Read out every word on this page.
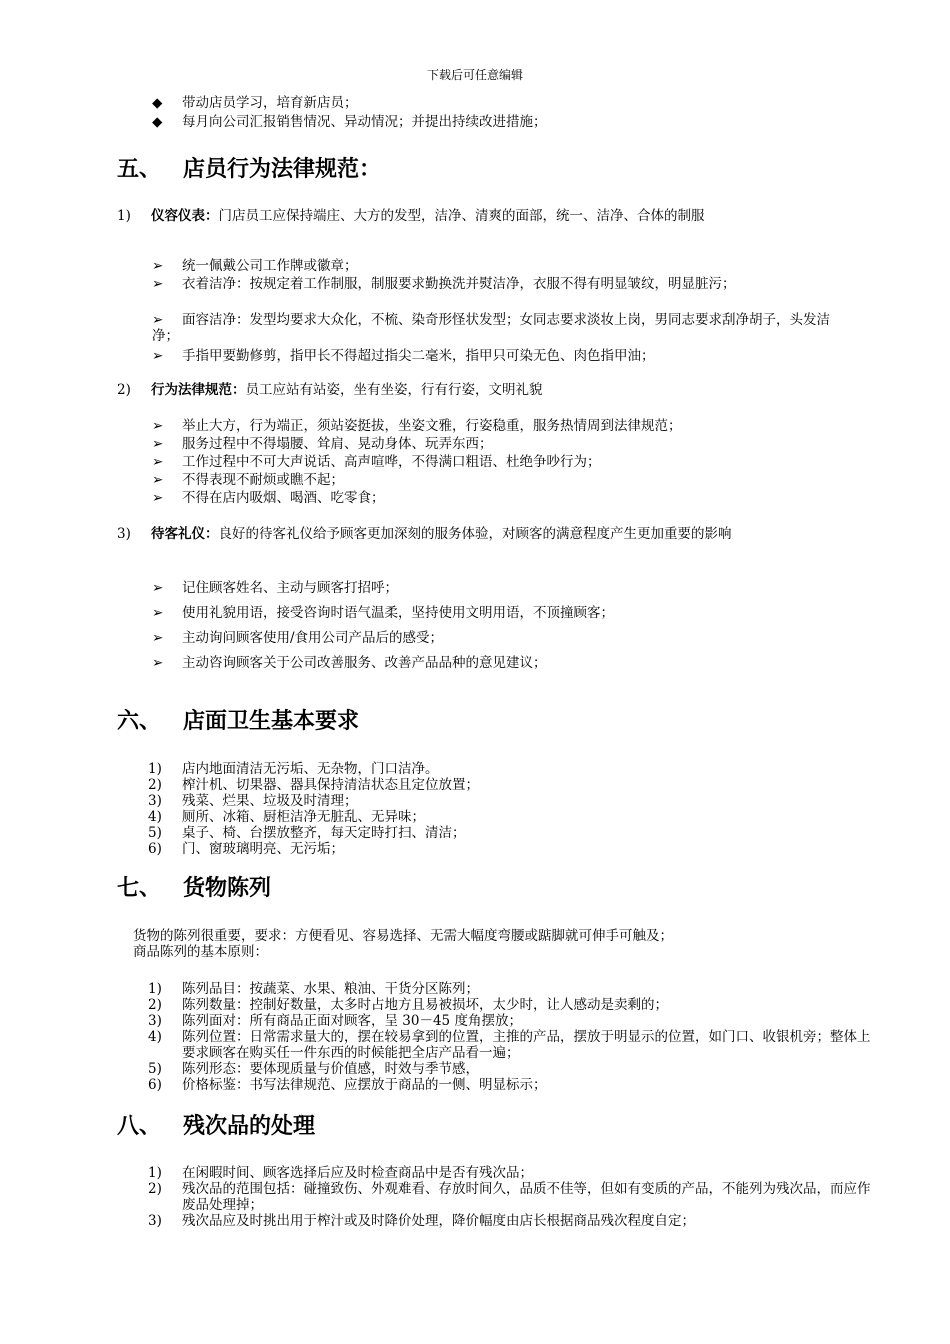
下载后可任意编辑
◆ 带动店员学习，培育新店员；
◆ 每月向公司汇报销售情况、异动情况；并提出持续改进措施；
五、 店员行为法律规范：
1) 仪容仪表：门店员工应保持端庄、大方的发型，洁净、清爽的面部，统一、洁净、合体的制服
➢ 统一佩戴公司工作牌或徽章；
➢ 衣着洁净：按规定着工作制服，制服要求勤换洗并熨洁净，衣服不得有明显皱纹，明显脏污；
➢ 面容洁净：发型均要求大众化，不梳、染奇形怪状发型；女同志要求淡妆上岗，男同志要求刮净胡子，头发洁净；
➢ 手指甲要勤修剪，指甲长不得超过指尖二毫米，指甲只可染无色、肉色指甲油；
2) 行为法律规范：员工应站有站姿，坐有坐姿，行有行姿，文明礼貌
➢ 举止大方，行为端正，须站姿挺拔，坐姿文雅，行姿稳重，服务热情周到法律规范；
➢ 服务过程中不得塌腰、耸肩、晃动身体、玩弄东西；
➢ 工作过程中不可大声说话、高声喧哗，不得满口粗语、杜绝争吵行为；
➢ 不得表现不耐烦或瞧不起；
➢ 不得在店内吸烟、喝酒、吃零食；
3) 待客礼仪：良好的待客礼仪给予顾客更加深刻的服务体验，对顾客的满意程度产生更加重要的影响
➢ 记住顾客姓名、主动与顾客打招呼；
➢ 使用礼貌用语，接受咨询时语气温柔，坚持使用文明用语，不顶撞顾客；
➢ 主动询问顾客使用/食用公司产品后的感受；
➢ 主动咨询顾客关于公司改善服务、改善产品品种的意见建议；
六、 店面卫生基本要求
1) 店内地面清洁无污垢、无杂物，门口洁净。
2) 榨汁机、切果器、器具保持清洁状态且定位放置；
3) 残菜、烂果、垃圾及时清理；
4) 厕所、冰箱、厨柜洁净无脏乱、无异味；
5) 桌子、椅、台摆放整齐，每天定時打扫、清洁；
6) 门、窗玻璃明亮、无污垢；
七、 货物陈列
货物的陈列很重要，要求：方便看见、容易选择、无需大幅度弯腰或踮脚就可伸手可触及；
商品陈列的基本原则：
1) 陈列品目：按蔬菜、水果、粮油、干货分区陈列；
2) 陈列数量：控制好数量，太多时占地方且易被损坏，太少时，让人感动是卖剩的；
3) 陈列面对：所有商品正面对顾客，呈 30－45 度角摆放；
4) 陈列位置：日常需求量大的，摆在较易拿到的位置，主推的产品，摆放于明显示的位置，如门口、收银机旁；整体上要求顾客在购买任一件东西的时候能把全店产品看一遍；
5) 陈列形态：要体现质量与价值感，时效与季节感，
6) 价格标鉴：书写法律规范、应摆放于商品的一侧、明显标示；
八、 残次品的处理
1) 在闲暇时间、顾客选择后应及时检查商品中是否有残次品；
2) 残次品的范围包括：碰撞致伤、外观难看、存放时间久，品质不佳等，但如有变质的产品，不能列为残次品，而应作废品处理掉；
3) 残次品应及时挑出用于榨汁或及时降价处理，降价幅度由店长根据商品残次程度自定；
